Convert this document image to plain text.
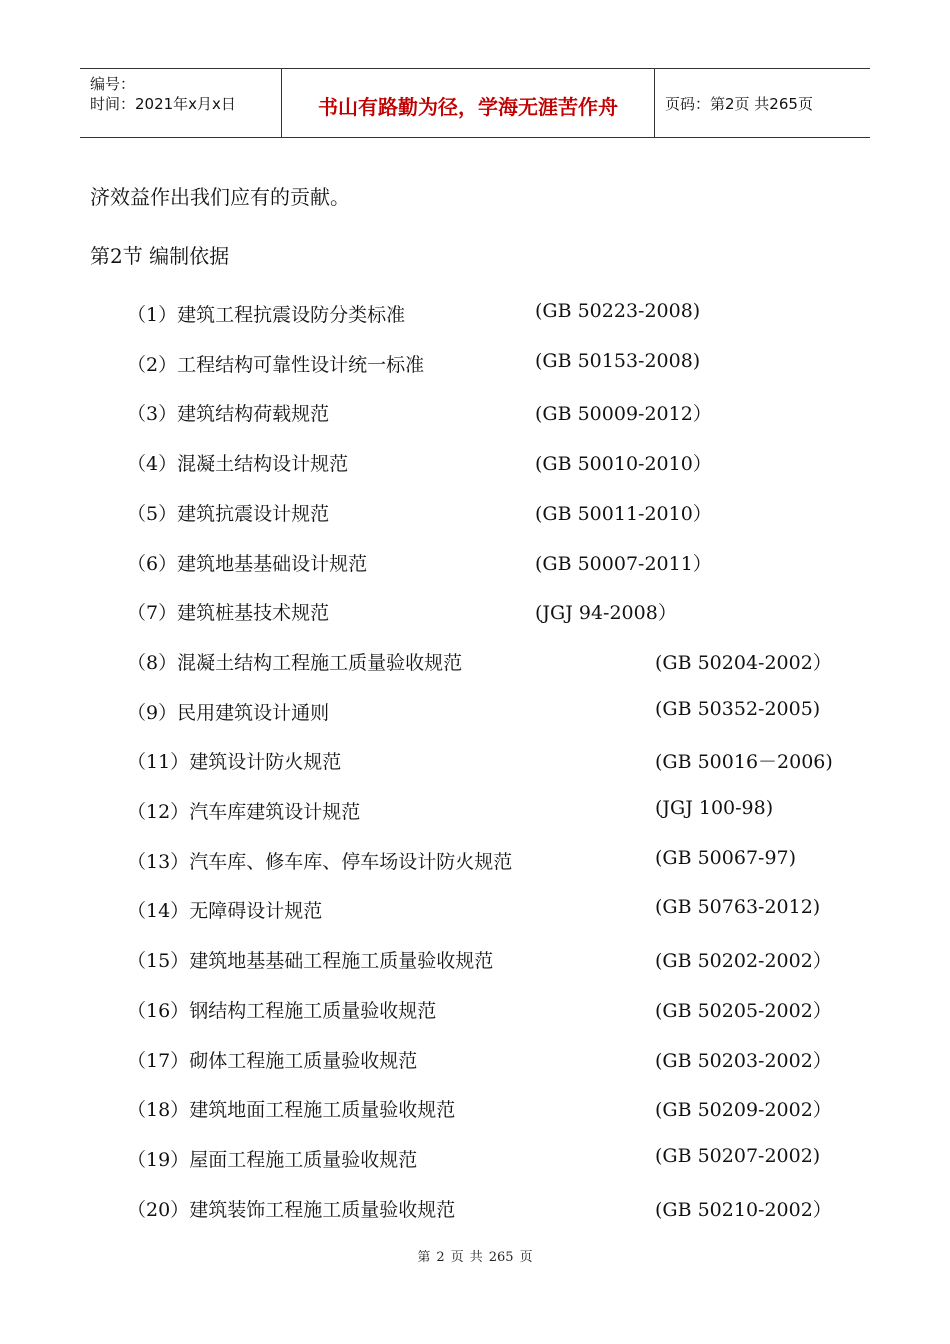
编号：
时间：2021年x月x日	书山有路勤为径，学海无涯苦作舟	页码：第2页 共265页
济效益作出我们应有的贡献。
第2节 编制依据
（1）建筑工程抗震设防分类标准	(GB 50223-2008)
（2）工程结构可靠性设计统一标准	(GB 50153-2008)
（3）建筑结构荷载规范	(GB 50009-2012）
（4）混凝土结构设计规范	(GB 50010-2010）
（5）建筑抗震设计规范	(GB 50011-2010）
（6）建筑地基基础设计规范	(GB 50007-2011）
（7）建筑桩基技术规范	(JGJ 94-2008）
（8）混凝土结构工程施工质量验收规范	(GB 50204-2002）
（9）民用建筑设计通则	(GB 50352-2005)
（11）建筑设计防火规范	(GB 50016－2006)
（12）汽车库建筑设计规范	(JGJ 100-98)
（13）汽车库、修车库、停车场设计防火规范	(GB 50067-97)
（14）无障碍设计规范	(GB 50763-2012)
（15）建筑地基基础工程施工质量验收规范	(GB 50202-2002）
（16）钢结构工程施工质量验收规范	(GB 50205-2002）
（17）砌体工程施工质量验收规范	(GB 50203-2002）
（18）建筑地面工程施工质量验收规范	(GB 50209-2002）
（19）屋面工程施工质量验收规范	(GB 50207-2002)
（20）建筑装饰工程施工质量验收规范	(GB 50210-2002）
第 2 页 共 265 页
